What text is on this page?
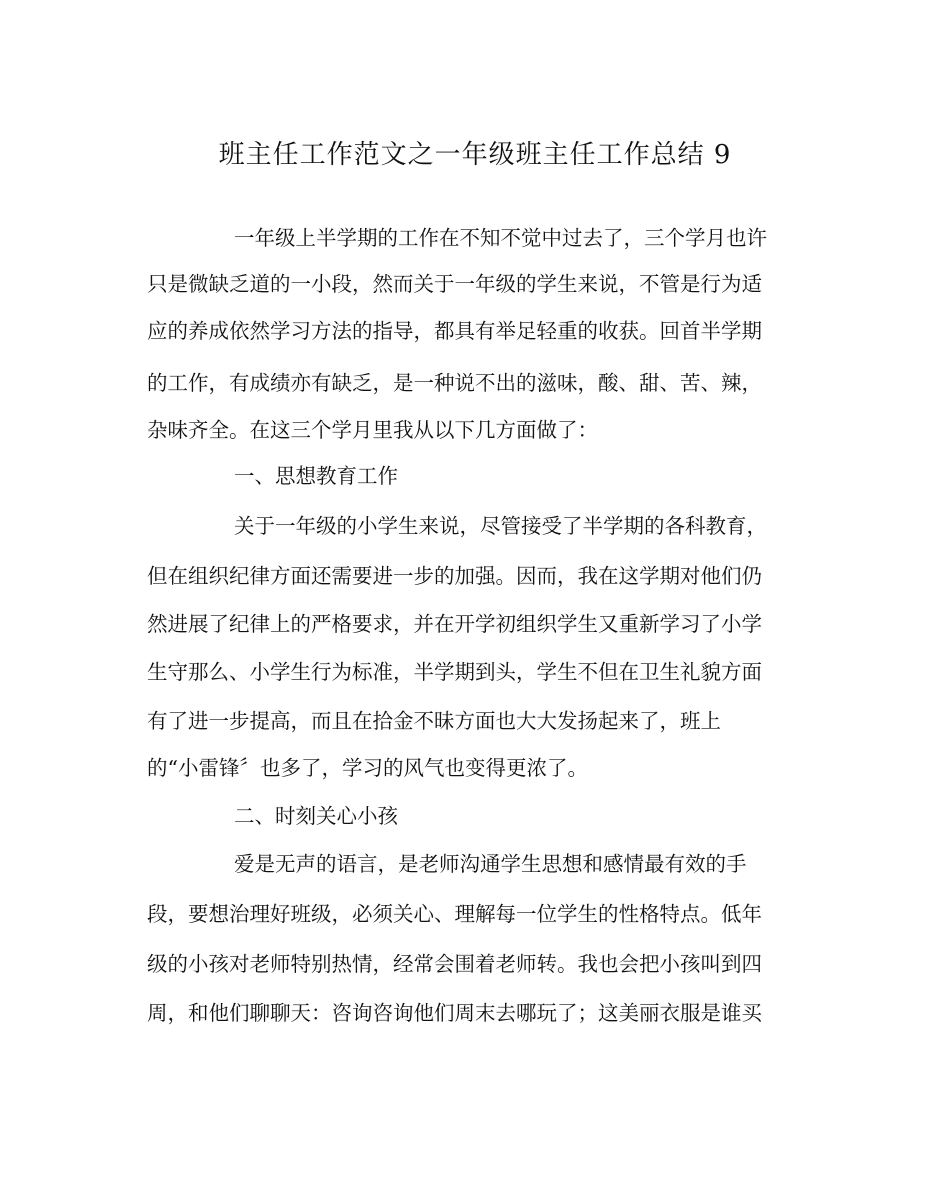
班主任工作范文之一年级班主任工作总结 9
一年级上半学期的工作在不知不觉中过去了，三个学月也许
只是微缺乏道的一小段，然而关于一年级的学生来说，不管是行为适
应的养成依然学习方法的指导，都具有举足轻重的收获。回首半学期
的工作，有成绩亦有缺乏，是一种说不出的滋味，酸、甜、苦、辣，
杂味齐全。在这三个学月里我从以下几方面做了：
一、思想教育工作
关于一年级的小学生来说，尽管接受了半学期的各科教育，
但在组织纪律方面还需要进一步的加强。因而，我在这学期对他们仍
然进展了纪律上的严格要求，并在开学初组织学生又重新学习了小学
生守那么、小学生行为标准，半学期到头，学生不但在卫生礼貌方面
有了进一步提高，而且在拾金不昧方面也大大发扬起来了，班上
的“小雷锋〞也多了，学习的风气也变得更浓了。
二、时刻关心小孩
爱是无声的语言，是老师沟通学生思想和感情最有效的手
段，要想治理好班级，必须关心、理解每一位学生的性格特点。低年
级的小孩对老师特别热情，经常会围着老师转。我也会把小孩叫到四
周，和他们聊聊天：咨询咨询他们周末去哪玩了；这美丽衣服是谁买
